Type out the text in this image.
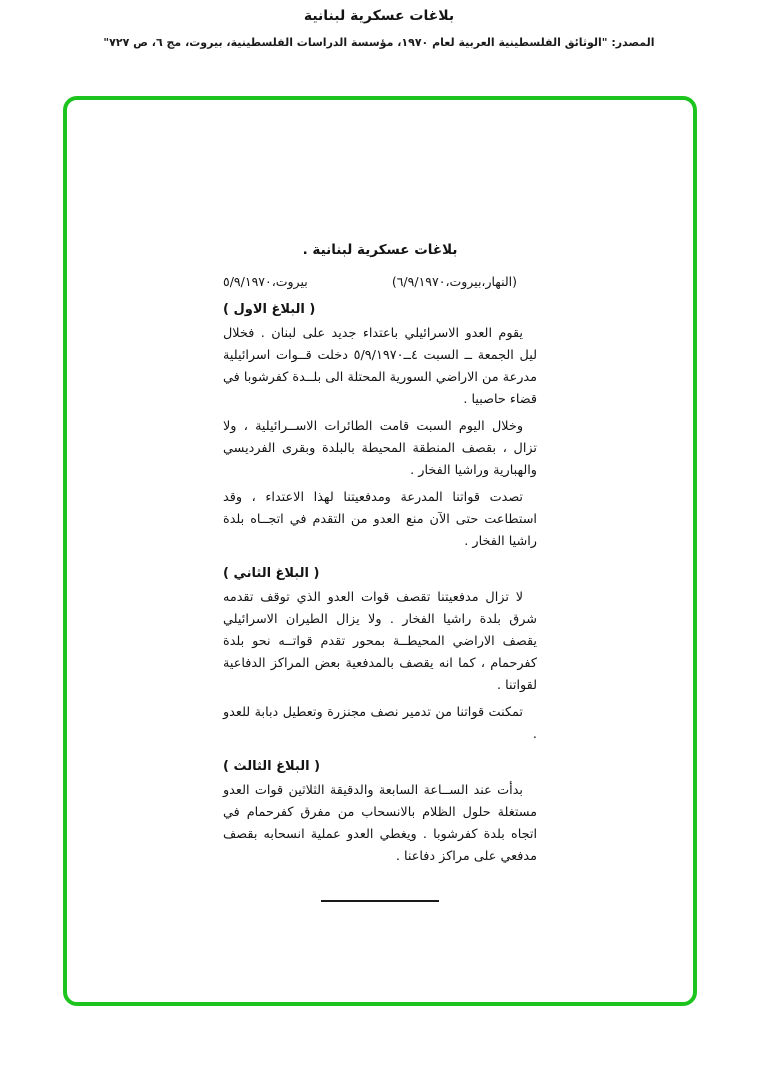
بلاغات عسكرية لبنانية
المصدر: "الوثائق الفلسطينية العربية لعام ١٩٧٠، مؤسسة الدراسات الفلسطينية، بيروت، مج ٦، ص ٧٢٧"
بلاغات عسكرية لبنانية .
(النهار،بيروت،٦/٩/١٩٧٠)
بيروت،٥/٩/١٩٧٠
( البلاغ الاول )

يقوم العدو الاسرائيلي باعتداء جديد على لبنان . فخلال ليل الجمعة ــ السبت ٤ــ٥/٩/١٩٧٠ دخلت قــوات اسرائيلية مدرعة من الاراضي السورية المحتلة الى بلــدة كفرشوبا في قضاء حاصبيا .

وخلال اليوم السبت قامت الطائرات الاســرائيلية ، ولا تزال ، بقصف المنطقة المحيطة بالبلدة وبقرى الفرديسي والهبارية وراشيا الفخار .

تصدت قواتنا المدرعة ومدفعيتنا لهذا الاعتداء ، وقد استطاعت حتى الآن منع العدو من التقدم في اتجــاه بلدة راشيا الفخار .

( البلاغ الثاني )

لا تزال مدفعيتنا تقصف قوات العدو الذي توقف تقدمه شرق بلدة راشيا الفخار . ولا يزال الطيران الاسرائيلي يقصف الاراضي المحيطــة بمحور تقدم قواتــه نحو بلدة كفرحمام ، كما انه يقصف بالمدفعية بعض المراكز الدفاعية لقواتنا .

تمكنت قواتنا من تدمير نصف مجنزرة وتعطيل دبابة للعدو .

( البلاغ الثالث )

بدأت عند الســاعة السابعة والدقيقة الثلاثين قوات العدو مستغلة حلول الظلام بالانسحاب من مفرق كفرحمام في اتجاه بلدة كفرشوبا . ويغطي العدو عملية انسحابه بقصف مدفعي على مراكز دفاعنا .
